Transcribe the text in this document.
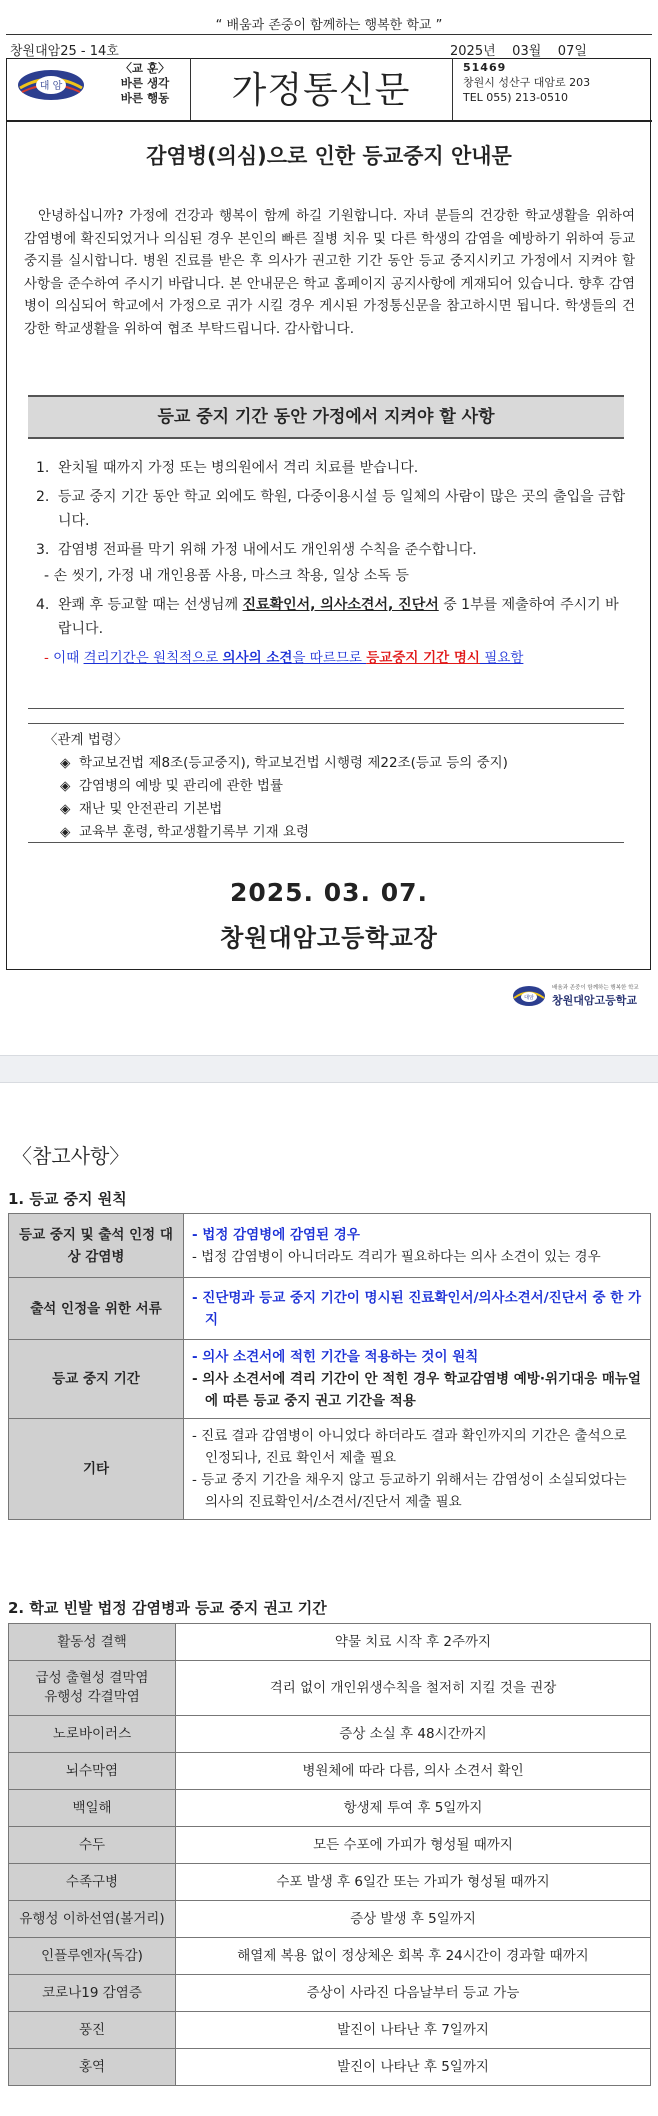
“ 배움과 존중이 함께하는 행복한 학교 ”
창원대암25 - 14호	2025년    03월    07일
대 암
〈교 훈〉
바른 생각
바른 행동	가정통신문
51469
창원시 성산구 대암로 203
TEL 055) 213-0510
감염병(의심)으로 인한 등교중지 안내문
안녕하십니까? 가정에 건강과 행복이 함께 하길 기원합니다. 자녀 분들의 건강한 학교생활을 위하여 감염병에 확진되었거나 의심된 경우 본인의 빠른 질병 치유 및 다른 학생의 감염을 예방하기 위하여 등교중지를 실시합니다. 병원 진료를 받은 후 의사가 권고한 기간 동안 등교 중지시키고 가정에서 지켜야 할 사항을 준수하여 주시기 바랍니다. 본 안내문은 학교 홈페이지 공지사항에 게재되어 있습니다. 향후 감염병이 의심되어 학교에서 가정으로 귀가 시킬 경우 게시된 가정통신문을 참고하시면 됩니다. 학생들의 건강한 학교생활을 위하여 협조 부탁드립니다. 감사합니다.
등교 중지 기간 동안 가정에서 지켜야 할 사항
1. 완치될 때까지 가정 또는 병의원에서 격리 치료를 받습니다.
2. 등교 중지 기간 동안 학교 외에도 학원, 다중이용시설 등 일체의 사람이 많은 곳의 출입을 금합니다.
3. 감염병 전파를 막기 위해 가정 내에서도 개인위생 수칙을 준수합니다.
- 손 씻기, 가정 내 개인용품 사용, 마스크 착용, 일상 소독 등
4. 완쾌 후 등교할 때는 선생님께 진료확인서, 의사소견서, 진단서 중 1부를 제출하여 주시기 바랍니다.
- 이때 격리기간은 원칙적으로 의사의 소견을 따르므로 등교중지 기간 명시 필요함
〈관계 법령〉
◈  학교보건법 제8조(등교중지), 학교보건법 시행령 제22조(등교 등의 중지)
◈  감염병의 예방 및 관리에 관한 법률
◈  재난 및 안전관리 기본법
◈  교육부 훈령, 학교생활기록부 기재 요령
2025. 03. 07.
창원대암고등학교장
대암
배움과 존중이 함께하는 행복한 학교
창원대암고등학교
〈참고사항〉
1. 등교 중지 원칙
등교 중지 및 출석 인정 대상 감염병	- 법정 감염병에 감염된 경우
- 법정 감염병이 아니더라도 격리가 필요하다는 의사 소견이 있는 경우

출석 인정을 위한 서류	- 진단명과 등교 중지 기간이 명시된 진료확인서/의사소견서/진단서 중 한 가지

등교 중지 기간	- 의사 소견서에 적힌 기간을 적용하는 것이 원칙
- 의사 소견서에 격리 기간이 안 적힌 경우 학교감염병 예방·위기대응 매뉴얼에 따른 등교 중지 권고 기간을 적용

기타	- 진료 결과 감염병이 아니었다 하더라도 결과 확인까지의 기간은 출석으로 인정되나, 진료 확인서 제출 필요
- 등교 중지 기간을 채우지 않고 등교하기 위해서는 감염성이 소실되었다는 의사의 진료확인서/소견서/진단서 제출 필요
2. 학교 빈발 법정 감염병과 등교 중지 권고 기간
활동성 결핵	약물 치료 시작 후 2주까지
급성 출혈성 결막염
유행성 각결막염	격리 없이 개인위생수칙을 철저히 지킬 것을 권장
노로바이러스	증상 소실 후 48시간까지
뇌수막염	병원체에 따라 다름, 의사 소견서 확인
백일해	항생제 투여 후 5일까지
수두	모든 수포에 가피가 형성될 때까지
수족구병	수포 발생 후 6일간 또는 가피가 형성될 때까지
유행성 이하선염(볼거리)	증상 발생 후 5일까지
인플루엔자(독감)	해열제 복용 없이 정상체온 회복 후 24시간이 경과할 때까지
코로나19 감염증	증상이 사라진 다음날부터 등교 가능
풍진	발진이 나타난 후 7일까지
홍역	발진이 나타난 후 5일까지
